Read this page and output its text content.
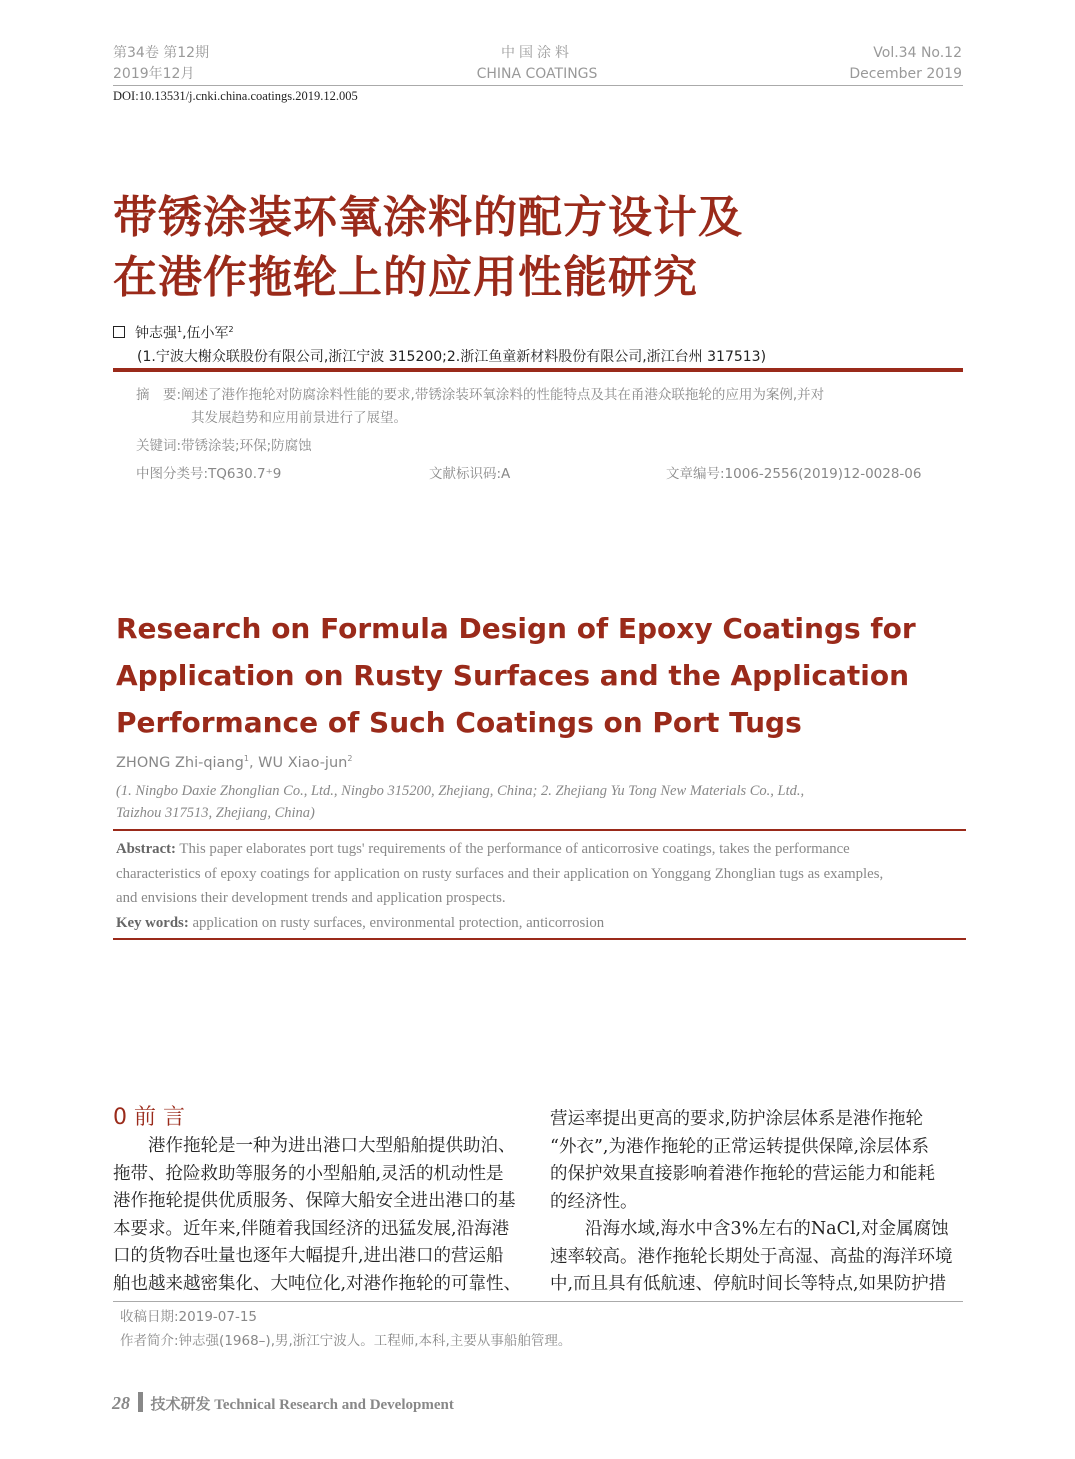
第34卷 第12期
2019年12月
中国涂料
CHINA COATINGS
Vol.34 No.12
December 2019
DOI:10.13531/j.cnki.china.coatings.2019.12.005
带锈涂装环氧涂料的配方设计及
在港作拖轮上的应用性能研究
钟志强$^1$,伍小军$^2$
(1.宁波大榭众联股份有限公司,浙江宁波 315200;2.浙江鱼童新材料股份有限公司,浙江台州 317513)
摘　要:阐述了港作拖轮对防腐涂料性能的要求,带锈涂装环氧涂料的性能特点及其在甬港众联拖轮的应用为案例,并对
其发展趋势和应用前景进行了展望。
关键词:带锈涂装;环保;防腐蚀
中图分类号:TQ630.7⁺9	文献标识码:A	文章编号:1006-2556(2019)12-0028-06
Research on Formula Design of Epoxy Coatings for
Application on Rusty Surfaces and the Application
Performance of Such Coatings on Port Tugs
ZHONG Zhi-qiang$^1$, WU Xiao-jun$^2$
(1. Ningbo Daxie Zhonglian Co., Ltd., Ningbo 315200, Zhejiang, China; 2. Zhejiang Yu Tong New Materials Co., Ltd.,
Taizhou 317513, Zhejiang, China)
Abstract: This paper elaborates port tugs' requirements of the performance of anticorrosive coatings, takes the performance
characteristics of epoxy coatings for application on rusty surfaces and their application on Yonggang Zhonglian tugs as examples,
and envisions their development trends and application prospects.
Key words: application on rusty surfaces, environmental protection, anticorrosion
0 前 言
　　港作拖轮是一种为进出港口大型船舶提供助泊、
拖带、抢险救助等服务的小型船舶,灵活的机动性是
港作拖轮提供优质服务、保障大船安全进出港口的基
本要求。近年来,伴随着我国经济的迅猛发展,沿海港
口的货物吞吐量也逐年大幅提升,进出港口的营运船
舶也越来越密集化、大吨位化,对港作拖轮的可靠性、
营运率提出更高的要求,防护涂层体系是港作拖轮
“外衣”,为港作拖轮的正常运转提供保障,涂层体系
的保护效果直接影响着港作拖轮的营运能力和能耗
的经济性。
　　沿海水域,海水中含3%左右的NaCl,对金属腐蚀
速率较高。港作拖轮长期处于高湿、高盐的海洋环境
中,而且具有低航速、停航时间长等特点,如果防护措
收稿日期:2019-07-15
作者简介:钟志强(1968–),男,浙江宁波人。工程师,本科,主要从事船舶管理。
28 技术研发 Technical Research and Development
